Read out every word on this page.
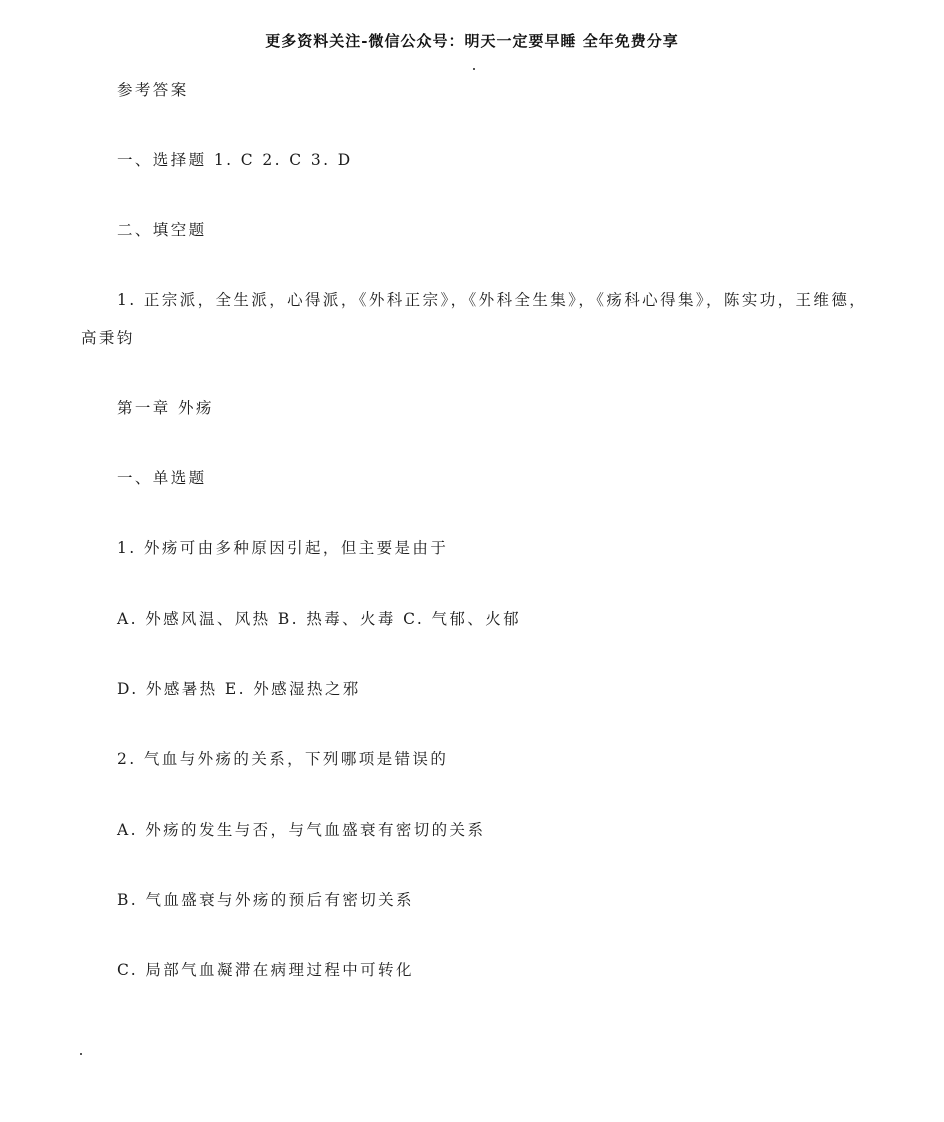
更多资料关注-微信公众号：明天一定要早睡 全年免费分享
参考答案
一、选择题 1. C 2. C 3. D
二、填空题
1. 正宗派，全生派，心得派，《外科正宗》，《外科全生集》，《疡科心得集》，陈实功，王维德，
高秉钧
第一章 外疡
一、单选题
1. 外疡可由多种原因引起，但主要是由于
A. 外感风温、风热 B. 热毒、火毒 C. 气郁、火郁
D. 外感暑热 E. 外感湿热之邪
2. 气血与外疡的关系，下列哪项是错误的
A. 外疡的发生与否，与气血盛衰有密切的关系
B. 气血盛衰与外疡的预后有密切关系
C. 局部气血凝滞在病理过程中可转化
